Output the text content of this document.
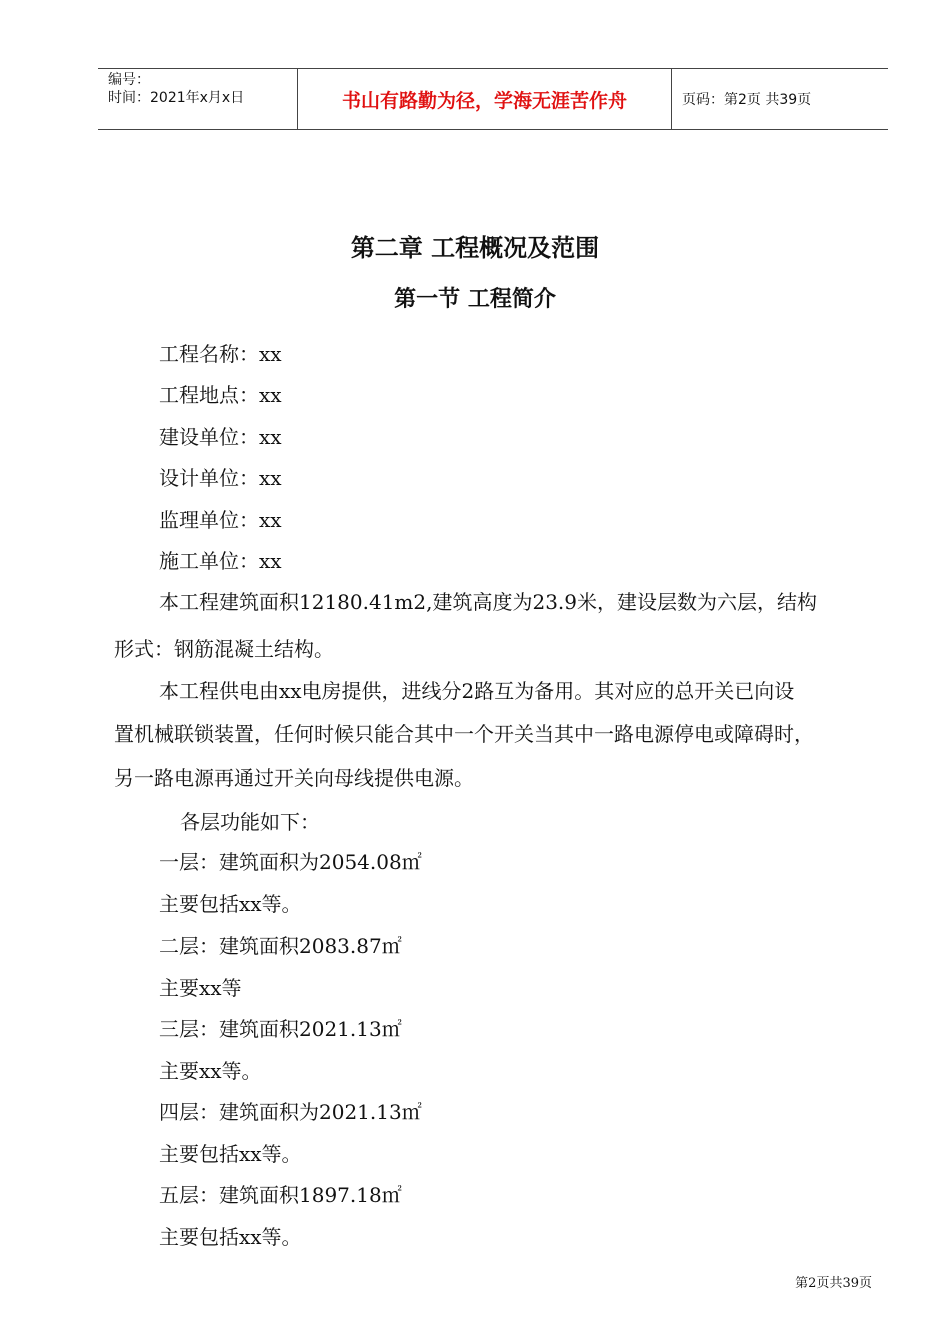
编号：
时间：2021年x月x日	书山有路勤为径，学海无涯苦作舟	页码：第2页 共39页
第二章 工程概况及范围
第一节 工程简介
工程名称：xx
工程地点：xx
建设单位：xx
设计单位：xx
监理单位：xx
施工单位：xx
本工程建筑面积12180.41m2,建筑高度为23.9米，建设层数为六层，结构
形式：钢筋混凝土结构。
本工程供电由xx电房提供，进线分2路互为备用。其对应的总开关已向设
置机械联锁装置，任何时候只能合其中一个开关当其中一路电源停电或障碍时，
另一路电源再通过开关向母线提供电源。
各层功能如下：
一层：建筑面积为2054.08㎡
主要包括xx等。
二层：建筑面积2083.87㎡
主要xx等
三层：建筑面积2021.13㎡
主要xx等。
四层：建筑面积为2021.13㎡
主要包括xx等。
五层：建筑面积1897.18㎡
主要包括xx等。
第2页共39页
